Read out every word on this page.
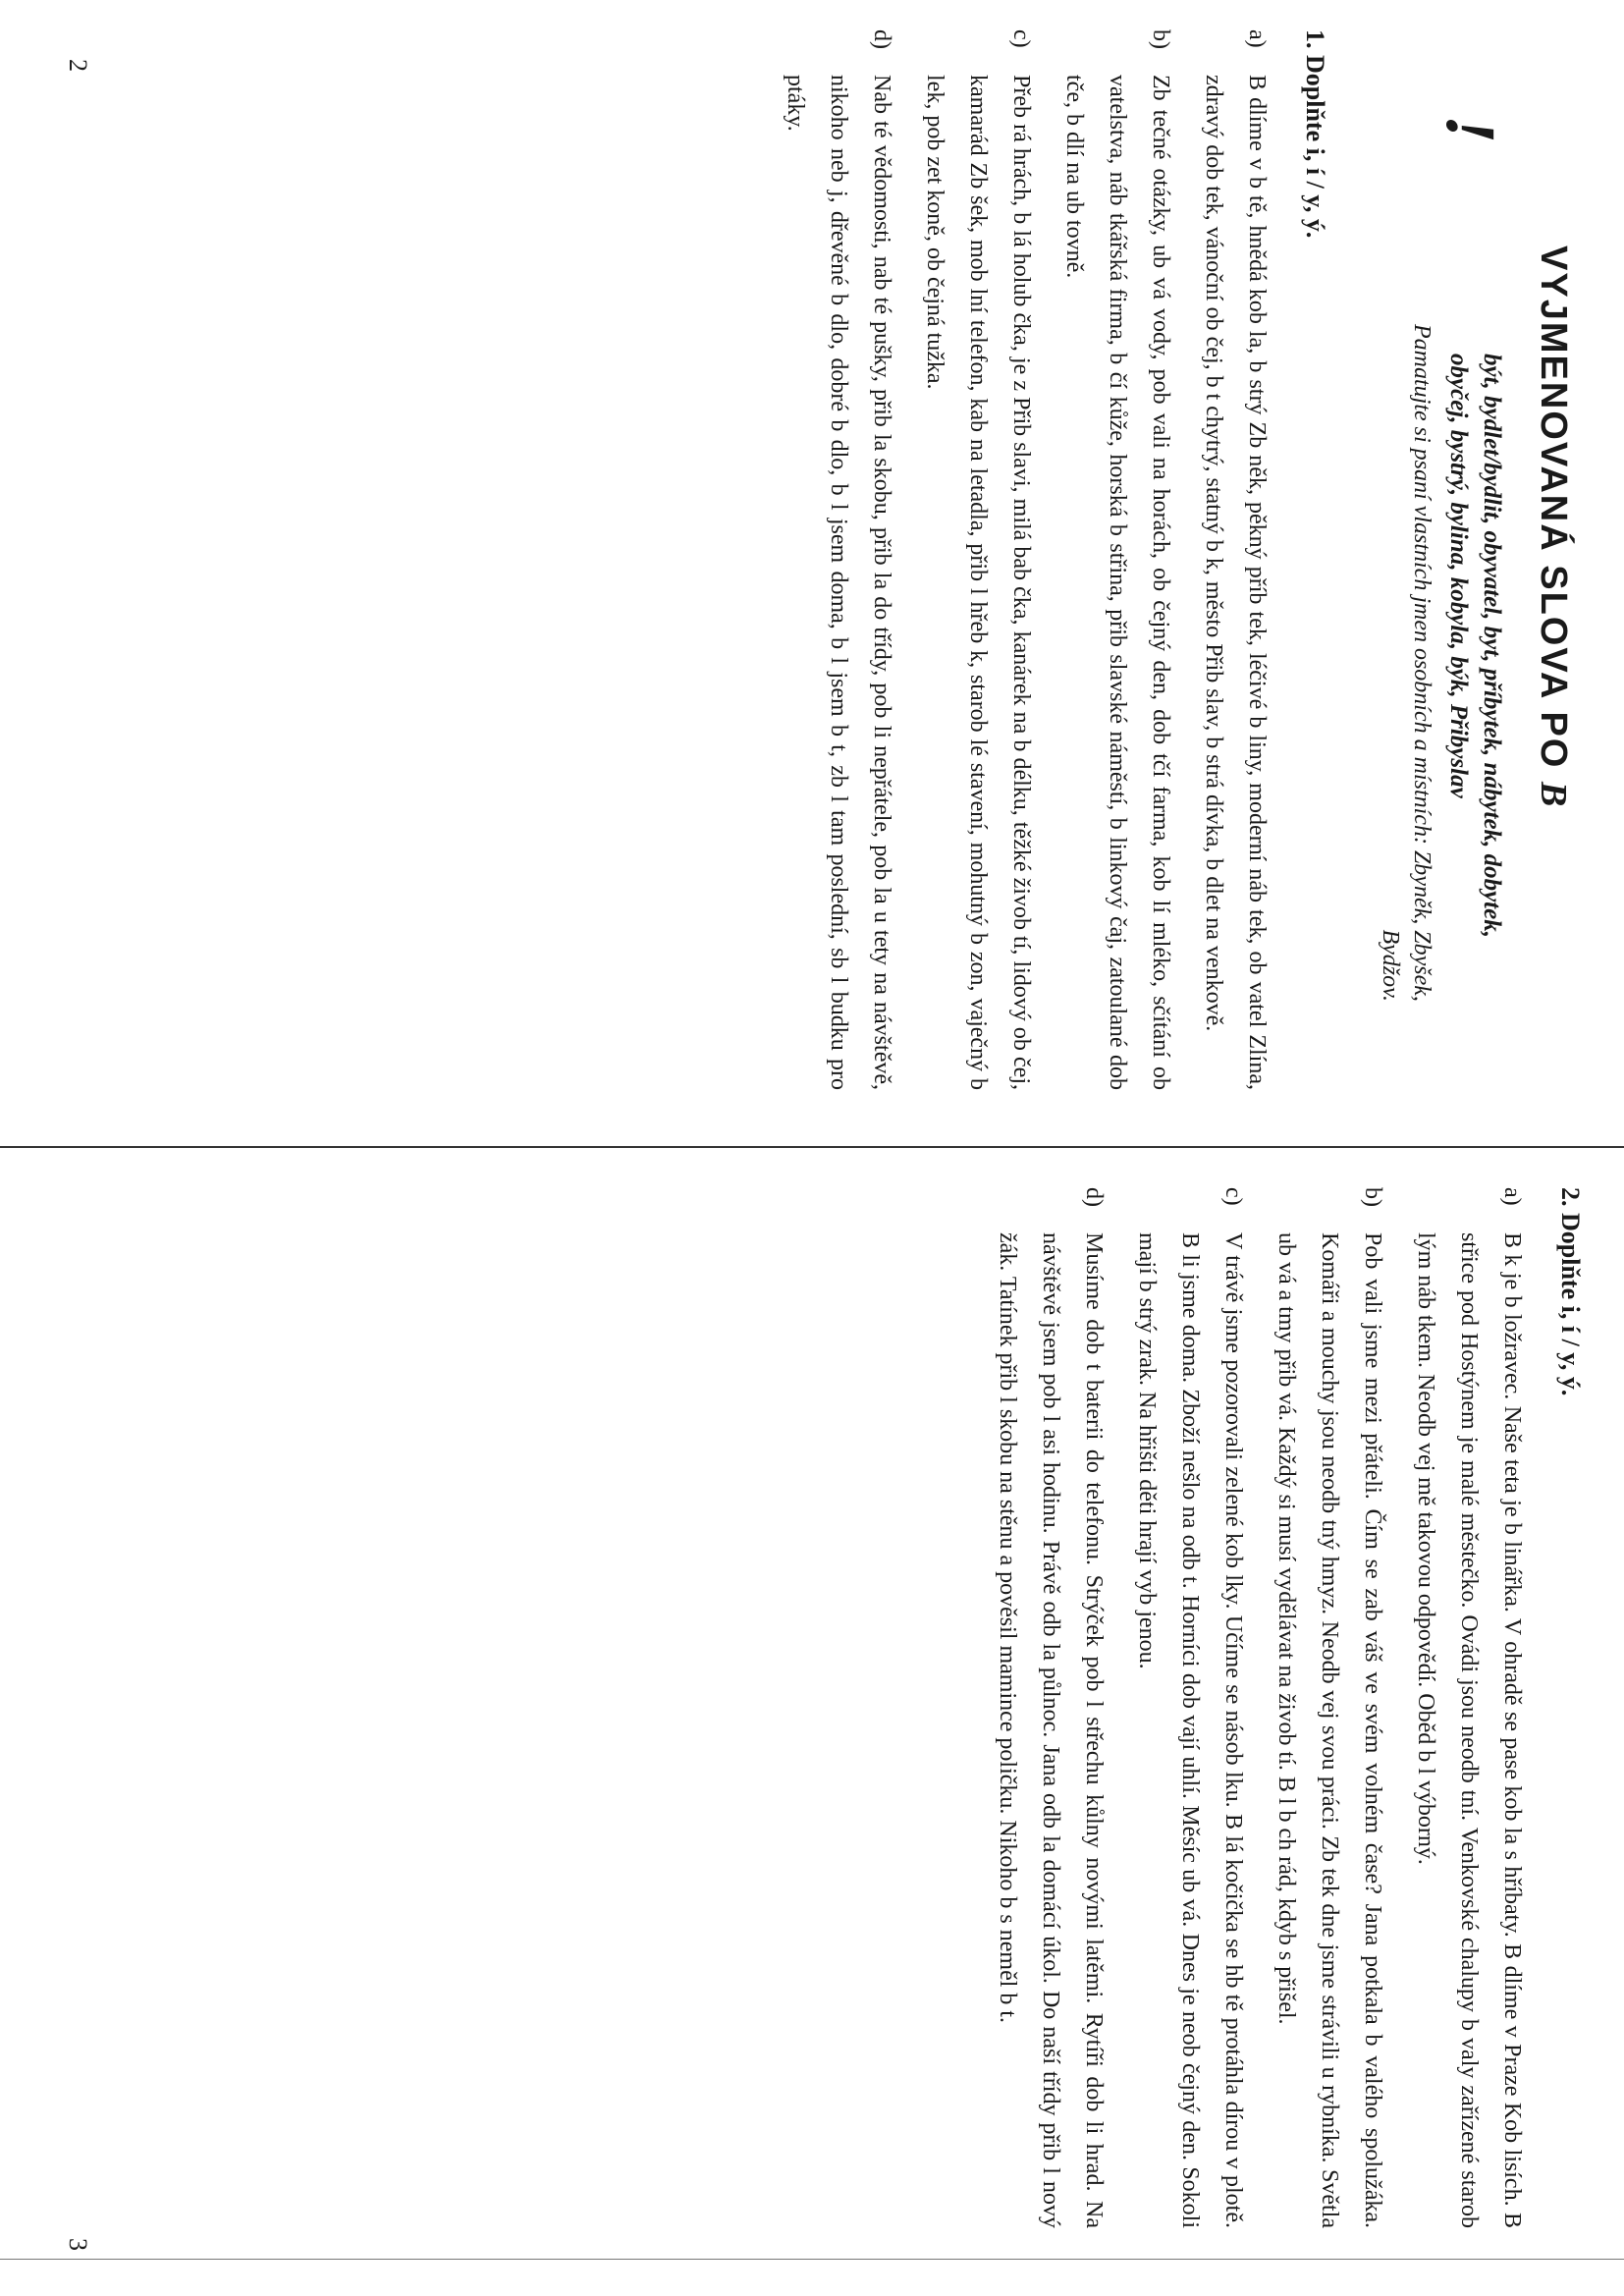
VYJMENOVANÁ SLOVA PO B
!
být, bydlet/bydlit, obyvatel, byt, příbytek, nábytek, dobytek, obyčej, bystrý, bylina, kobyla, býk, Přibyslav
Pamatujte si psaní vlastních jmen osobních a místních: Zbyněk, Zbyšek,
Bydžov.
1. Doplňte i, í / y, ý.
a)
B dlíme v b tě, hnědá kob la, b strý Zb něk, pěkný příb tek, léčivé b liny, moderní náb tek, ob vatel Zlína, zdravý dob tek, vánoční ob čej, b t chytrý, statný b k, město Přib slav, b strá dívka, b dlet na venkově.
b)
Zb tečné otázky, ub vá vody, pob vali na horách, ob čejný den, dob tčí farma, kob lí mléko, sčítání ob vatelstva, náb tkářská firma, b čí kůže, horská b střina, přib slavské náměstí, b linkový čaj, zatoulané dob tče, b dlí na ub tovně.
c)
Přeb rá hrách, b lá holub čka, je z Přib slavi, milá bab čka, kanárek na b délku, těžké živob tí, lidový ob čej, kamarád Zb šek, mob lní telefon, kab na letadla, přib l hřeb k, starob lé stavení, mohutný b zon, vaječný b lek, pob zet koně, ob čejná tužka.
d)
Nab té vědomosti, nab té pušky, přib la skobu, přib la do třídy, pob li nepřátele, pob la u tety na návštěvě, nikoho neb j, dřevěné b dlo, dobré b dlo, b l jsem doma, b l jsem b t, zb l tam poslední, sb l budku pro ptáky.
2
2. Doplňte i, í / y, ý.
a)
B k je b ložravec. Naše teta je b linářka. V ohradě se pase kob la s hříbaty. B dlíme v Praze Kob lisích. B střice pod Hostýnem je malé městečko. Ovádi jsou neodb tní. Venkovské chalupy b valy zařízené starob lým náb tkem. Neodb vej mě takovou odpovědí. Oběd b l výborný.
b)
Pob vali jsme mezi přáteli. Čím se zab váš ve svém volném čase? Jana potkala b valého spolužáka. Komáři a mouchy jsou neodb tný hmyz. Neodb vej svou práci. Zb tek dne jsme strávili u rybníka. Světla ub vá a tmy přib vá. Každý si musí vydělávat na živob tí. B l b ch rád, kdyb s přišel.
c)
V trávě jsme pozorovali zelené kob lky. Učíme se násob lku. B lá kočička se hb tě protáhla dírou v plotě. B li jsme doma. Zboží nešlo na odb t. Horníci dob vají uhlí. Měsíc ub vá. Dnes je neob čejný den. Sokoli mají b strý zrak. Na hřišti děti hrají vyb jenou.
d)
Musíme dob t baterii do telefonu. Strýček pob l střechu kůlny novými latěmi. Rytíři dob li hrad. Na návštěvě jsem pob l asi hodinu. Právě odb la půlnoc. Jana odb la domácí úkol. Do naší třídy přib l nový žák. Tatínek přib l skobu na stěnu a pověsil mamince poličku. Nikoho b s neměl b t.
3
